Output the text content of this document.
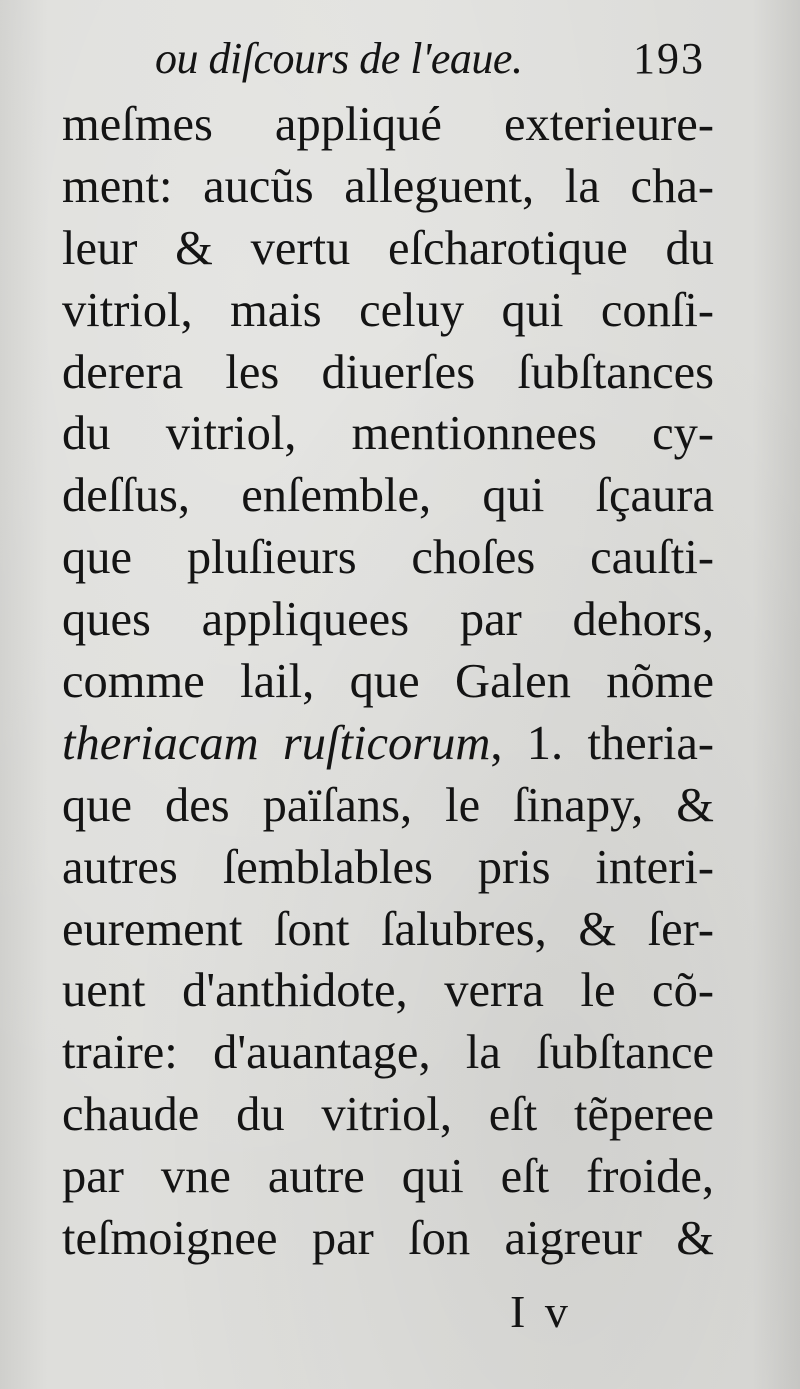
ou diſcours de l'eaue.	193
meſmes appliqué exterieure-
ment: aucũs alleguent, la cha-
leur & vertu eſcharotique du
vitriol, mais celuy qui conſi-
derera les diuerſes ſubſtances
du vitriol, mentionnees cy-
deſſus, enſemble, qui ſçaura
que pluſieurs choſes cauſti-
ques appliquees par dehors,
comme lail, que Galen nõme
theriacam ruſticorum, 1. theria-
que des païſans, le ſinapy, &
autres ſemblables pris interi-
eurement ſont ſalubres, & ſer-
uent d'anthidote, verra le cõ-
traire: d'auantage, la ſubſtance
chaude du vitriol, eſt tẽperee
par vne autre qui eſt froide,
teſmoignee par ſon aigreur &
I v
